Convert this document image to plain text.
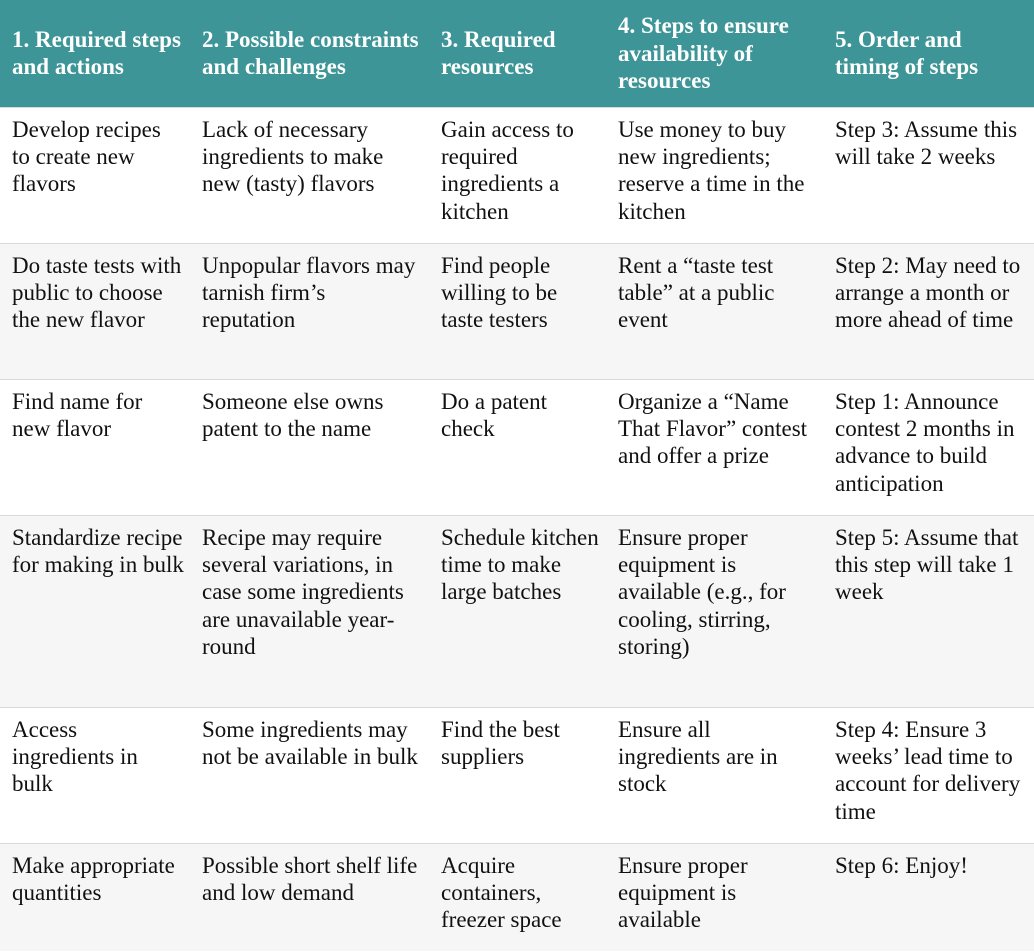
1. Required steps and actions	2. Possible constraints and challenges	3. Required resources	4. Steps to ensure availability of resources	5. Order and timing of steps
Develop recipes to create new flavors	Lack of necessary ingredients to make new (tasty) flavors	Gain access to required ingredients a kitchen	Use money to buy new ingredients; reserve a time in the kitchen	Step 3: Assume this will take 2 weeks
Do taste tests with public to choose the new flavor	Unpopular flavors may tarnish firm’s reputation	Find people willing to be taste testers	Rent a “taste test table” at a public event	Step 2: May need to arrange a month or more ahead of time
Find name for new flavor	Someone else owns patent to the name	Do a patent check	Organize a “Name That Flavor” contest and offer a prize	Step 1: Announce contest 2 months in advance to build anticipation
Standardize recipe for making in bulk	Recipe may require several variations, in case some ingredients are unavailable year-round	Schedule kitchen time to make large batches	Ensure proper equipment is available (e.g., for cooling, stirring, storing)	Step 5: Assume that this step will take 1 week
Access ingredients in bulk	Some ingredients may not be available in bulk	Find the best suppliers	Ensure all ingredients are in stock	Step 4: Ensure 3 weeks’ lead time to account for delivery time
Make appropriate quantities	Possible short shelf life and low demand	Acquire containers, freezer space	Ensure proper equipment is available	Step 6: Enjoy!
